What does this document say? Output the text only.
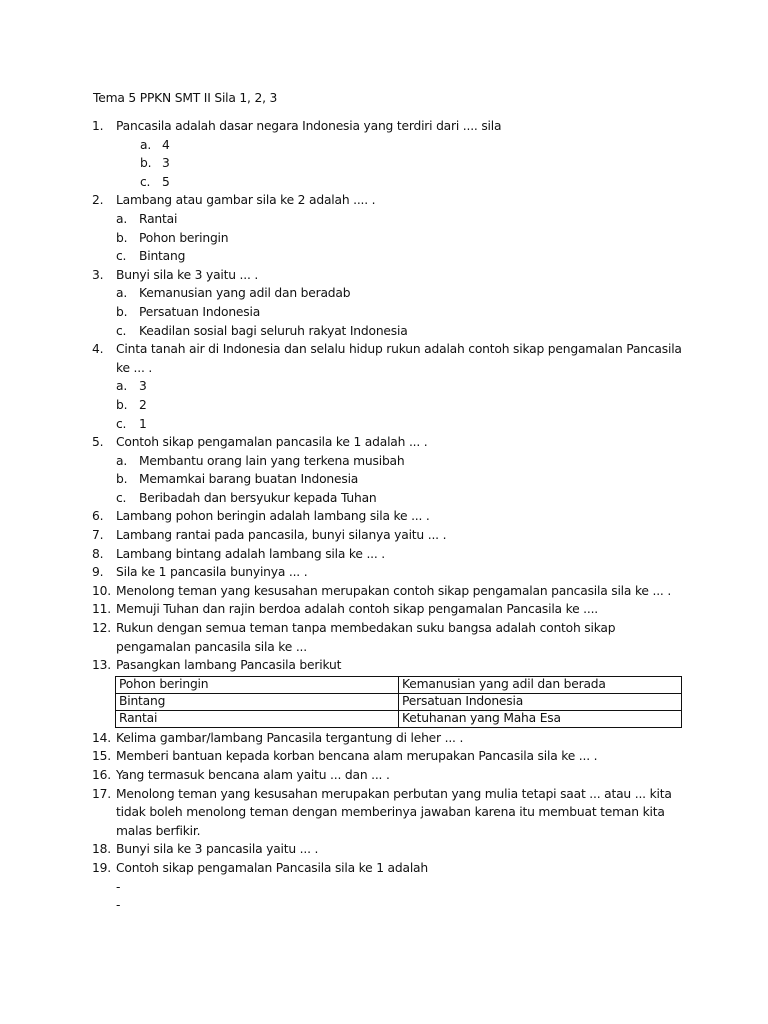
Tema 5 PPKN SMT II Sila 1, 2, 3
1. Pancasila adalah dasar negara Indonesia yang terdiri dari .... sila
a. 4
b. 3
c. 5
2. Lambang atau gambar sila ke 2 adalah .... .
a. Rantai
b. Pohon beringin
c. Bintang
3. Bunyi sila ke 3 yaitu ... .
a. Kemanusian yang adil dan beradab
b. Persatuan Indonesia
c. Keadilan sosial bagi seluruh rakyat Indonesia
4. Cinta tanah air di Indonesia dan selalu hidup rukun adalah contoh sikap pengamalan Pancasila ke ... .
a. 3
b. 2
c. 1
5. Contoh sikap pengamalan pancasila ke 1 adalah ... .
a. Membantu orang lain yang terkena musibah
b. Memamkai barang buatan Indonesia
c. Beribadah dan bersyukur kepada Tuhan
6. Lambang pohon beringin adalah lambang sila ke ... .
7. Lambang rantai pada pancasila, bunyi silanya yaitu ... .
8. Lambang bintang adalah lambang sila ke ... .
9. Sila ke 1 pancasila bunyinya ... .
10. Menolong teman yang kesusahan merupakan contoh sikap pengamalan pancasila sila ke ... .
11. Memuji Tuhan dan rajin berdoa adalah contoh sikap pengamalan Pancasila ke ....
12. Rukun dengan semua teman tanpa membedakan suku bangsa adalah contoh sikap pengamalan pancasila sila ke ...
13. Pasangkan lambang Pancasila berikut
Pohon beringin	Kemanusian yang adil dan berada
Bintang	Persatuan Indonesia
Rantai	Ketuhanan yang Maha Esa
14. Kelima gambar/lambang Pancasila tergantung di leher ... .
15. Memberi bantuan kepada korban bencana alam merupakan Pancasila sila ke ... .
16. Yang termasuk bencana alam yaitu ... dan ... .
17. Menolong teman yang kesusahan merupakan perbutan yang mulia tetapi saat ... atau ... kita tidak boleh menolong teman dengan memberinya jawaban karena itu membuat teman kita malas berfikir.
18. Bunyi sila ke 3 pancasila yaitu ... .
19. Contoh sikap pengamalan Pancasila sila ke 1 adalah
-
-
